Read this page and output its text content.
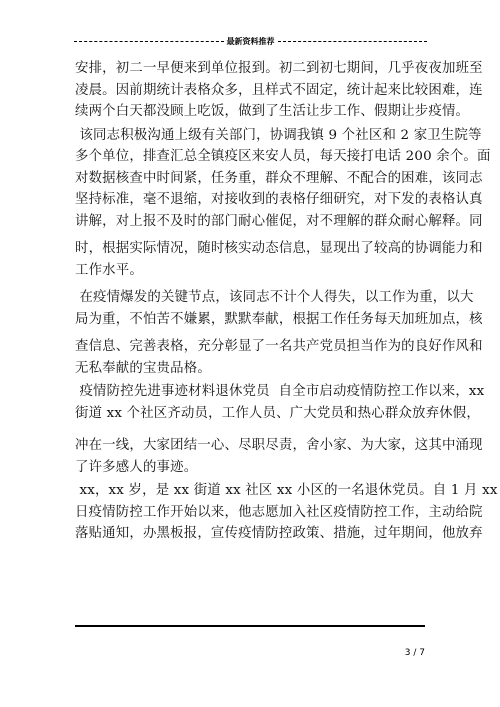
最新资料推荐
安排，初二一早便来到单位报到。初二到初七期间，几乎夜夜加班至
凌晨。因前期统计表格众多，且样式不固定，统计起来比较困难，连
续两个白天都没顾上吃饭，做到了生活让步工作、假期让步疫情。
该同志积极沟通上级有关部门，协调我镇 9 个社区和 2 家卫生院等
多个单位，排查汇总全镇疫区来安人员，每天接打电话 200 余个。面
对数据核查中时间紧，任务重，群众不理解、不配合的困难，该同志
坚持标准，毫不退缩，对接收到的表格仔细研究，对下发的表格认真
讲解，对上报不及时的部门耐心催促，对不理解的群众耐心解释。同
时，根据实际情况，随时核实动态信息，显现出了较高的协调能力和
工作水平。
在疫情爆发的关键节点，该同志不计个人得失，以工作为重，以大
局为重，不怕苦不嫌累，默默奉献，根据工作任务每天加班加点，核
查信息、完善表格，充分彰显了一名共产党员担当作为的良好作风和
无私奉献的宝贵品格。
疫情防控先进事迹材料退休党员  自全市启动疫情防控工作以来，xx
街道 xx 个社区齐动员，工作人员、广大党员和热心群众放弃休假，
冲在一线，大家团结一心、尽职尽责，舍小家、为大家，这其中涌现
了许多感人的事迹。
xx，xx 岁，是 xx 街道 xx 社区 xx 小区的一名退休党员。自 1 月 xx
日疫情防控工作开始以来，他志愿加入社区疫情防控工作，主动给院
落贴通知，办黑板报，宣传疫情防控政策、措施，过年期间，他放弃
3 / 7
